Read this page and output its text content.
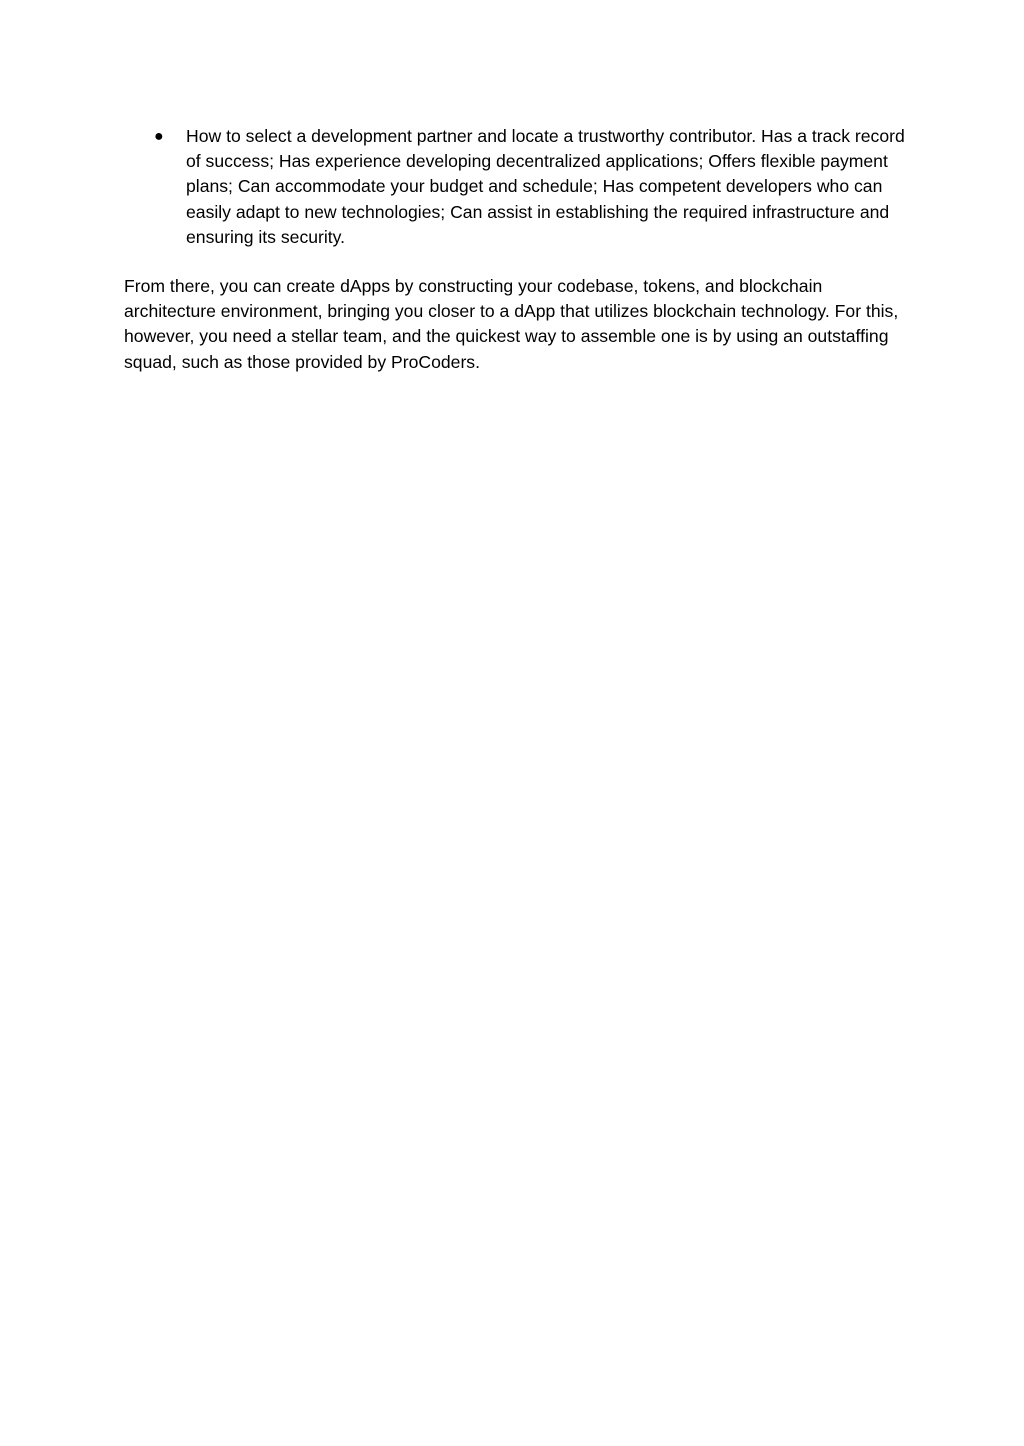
● How to select a development partner and locate a trustworthy contributor. Has a track record of success; Has experience developing decentralized applications; Offers flexible payment plans; Can accommodate your budget and schedule; Has competent developers who can easily adapt to new technologies; Can assist in establishing the required infrastructure and ensuring its security.

From there, you can create dApps by constructing your codebase, tokens, and blockchain architecture environment, bringing you closer to a dApp that utilizes blockchain technology. For this, however, you need a stellar team, and the quickest way to assemble one is by using an outstaffing squad, such as those provided by ProCoders.
